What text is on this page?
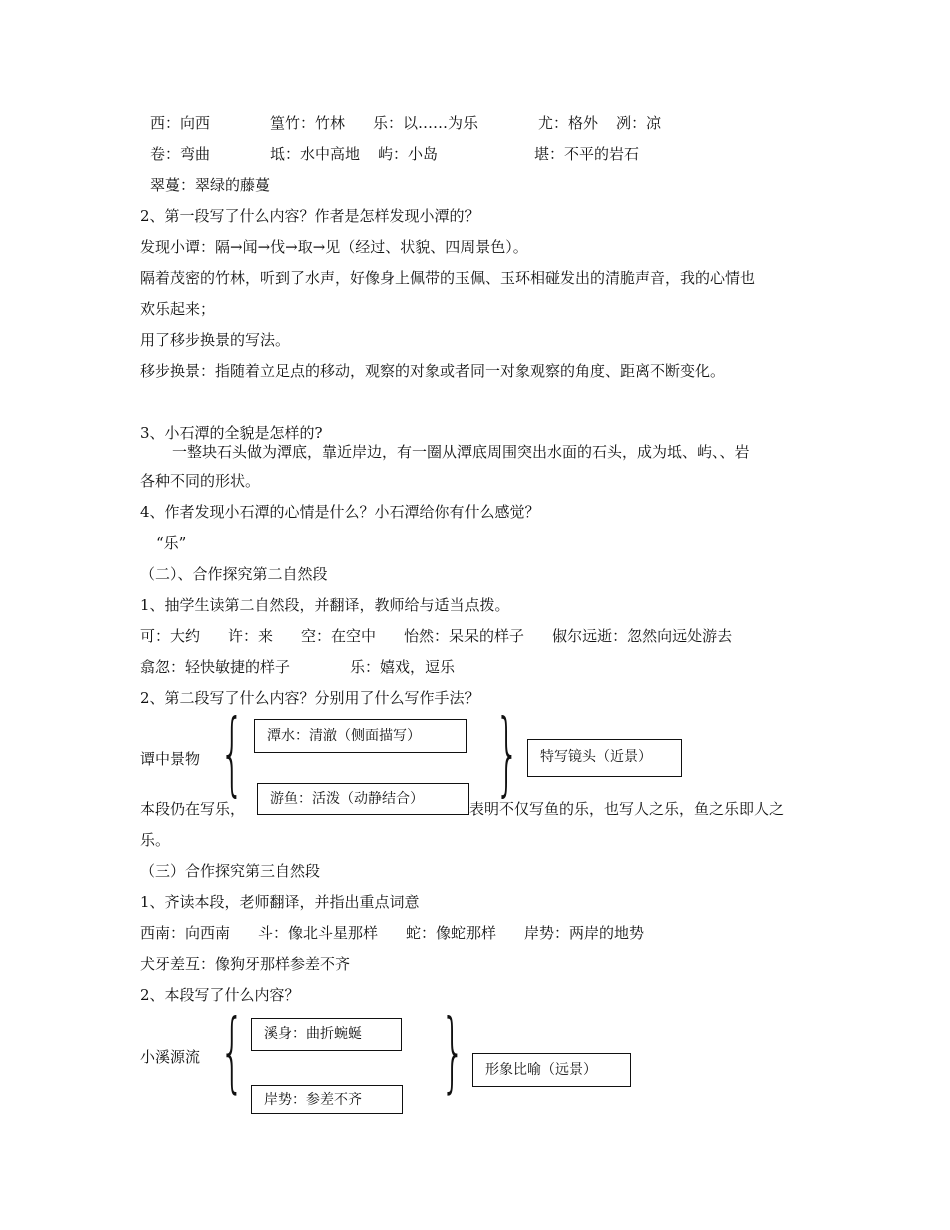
西：向西	篁竹：竹林 乐：以……为乐	尤：格外 冽：凉
卷：弯曲	坻：水中高地 屿：小岛	堪：不平的岩石
翠蔓：翠绿的藤蔓
2、第一段写了什么内容？作者是怎样发现小潭的？
发现小谭：隔→闻→伐→取→见（经过、状貌、四周景色）。
隔着茂密的竹林，听到了水声，好像身上佩带的玉佩、玉环相碰发出的清脆声音，我的心情也
欢乐起来；
用了移步换景的写法。
移步换景：指随着立足点的移动，观察的对象或者同一对象观察的角度、距离不断变化。
3、小石潭的全貌是怎样的?
一整块石头做为潭底，靠近岸边，有一圈从潭底周围突出水面的石头，成为坻、屿、、岩
各种不同的形状。
4、作者发现小石潭的心情是什么？小石潭给你有什么感觉？
“乐”
（二）、合作探究第二自然段
1、抽学生读第二自然段，并翻译，教师给与适当点拨。
可：大约 许：来 空：在空中 怡然：呆呆的样子 俶尔远逝：忽然向远处游去
翕忽：轻快敏捷的样子	乐：嬉戏，逗乐
2、第二段写了什么内容？分别用了什么写作手法？
谭中景物 {	潭水：清澈（侧面描写）	}	特写镜头（近景）
本段仍在写乐，
游鱼：活泼（动静结合）
表明不仅写鱼的乐，也写人之乐，鱼之乐即人之
乐。
（三）合作探究第三自然段
1、齐读本段，老师翻译，并指出重点词意
西南：向西南 斗：像北斗星那样 蛇：像蛇那样 岸势：两岸的地势
犬牙差互：像狗牙那样参差不齐
2、本段写了什么内容？
小溪源流 {	溪身：曲折蜿蜒	}	形象比喻（远景）
岸势：参差不齐
